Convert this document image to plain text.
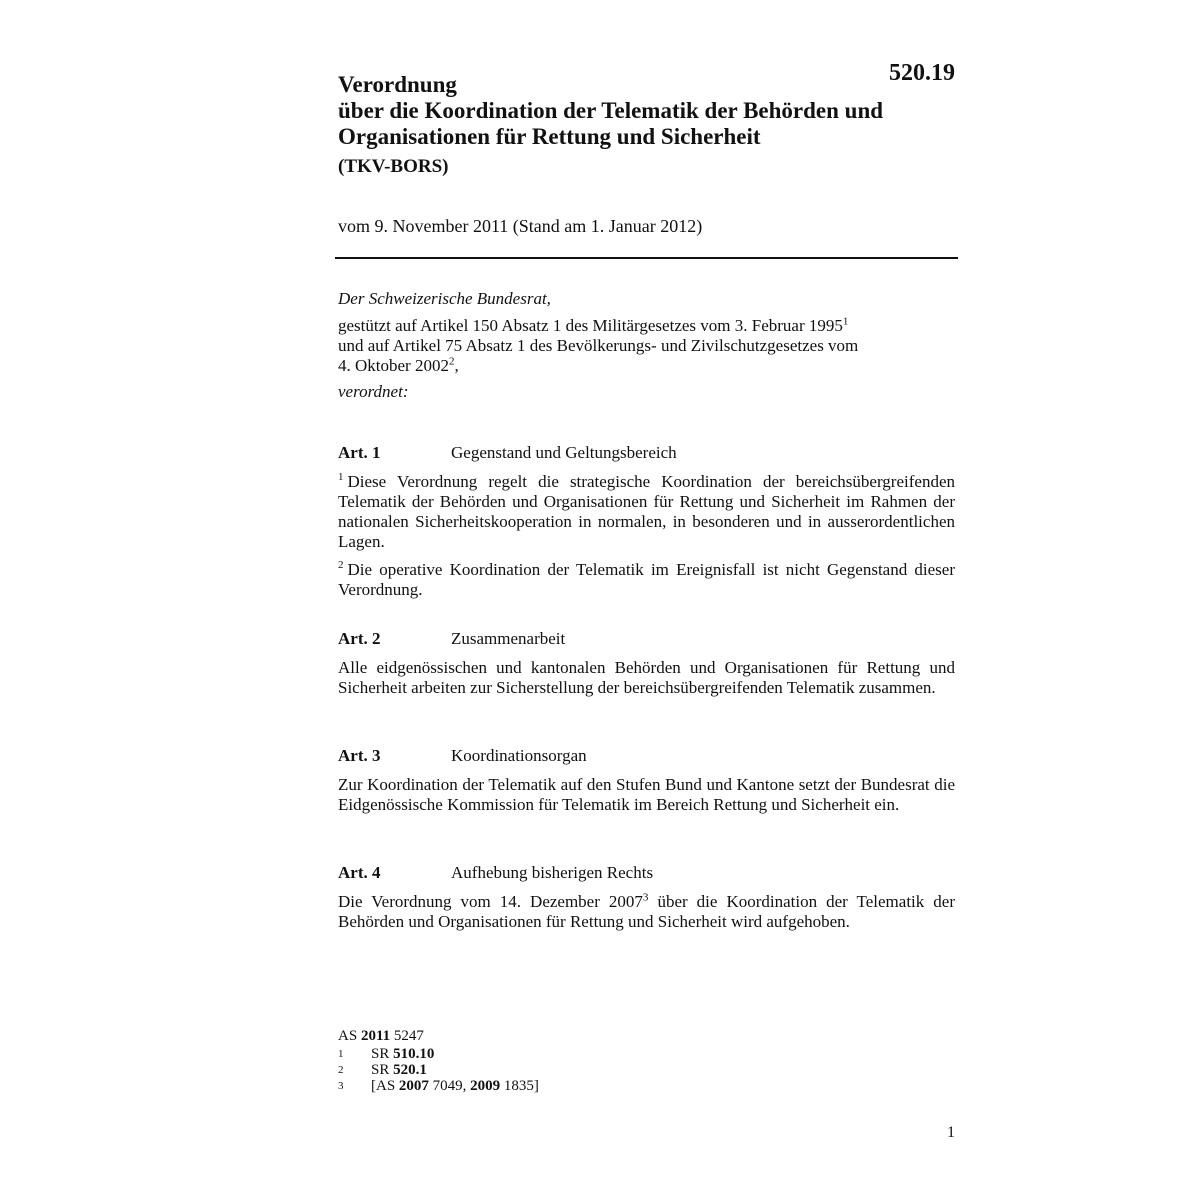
520.19
Verordnung
über die Koordination der Telematik der Behörden und
Organisationen für Rettung und Sicherheit
(TKV-BORS)
vom 9. November 2011 (Stand am 1. Januar 2012)
Der Schweizerische Bundesrat,
gestützt auf Artikel 150 Absatz 1 des Militärgesetzes vom 3. Februar 1995$^1$
und auf Artikel 75 Absatz 1 des Bevölkerungs- und Zivilschutzgesetzes vom
4. Oktober 2002$^2$,
verordnet:
Art. 1	Gegenstand und Geltungsbereich
$^1$ Diese Verordnung regelt die strategische Koordination der bereichsübergreifenden Telematik der Behörden und Organisationen für Rettung und Sicherheit im Rahmen der nationalen Sicherheitskooperation in normalen, in besonderen und in ausserordentlichen Lagen.
$^2$ Die operative Koordination der Telematik im Ereignisfall ist nicht Gegenstand dieser Verordnung.
Art. 2	Zusammenarbeit
Alle eidgenössischen und kantonalen Behörden und Organisationen für Rettung und Sicherheit arbeiten zur Sicherstellung der bereichsübergreifenden Telematik zusammen.
Art. 3	Koordinationsorgan
Zur Koordination der Telematik auf den Stufen Bund und Kantone setzt der Bundesrat die Eidgenössische Kommission für Telematik im Bereich Rettung und Sicherheit ein.
Art. 4	Aufhebung bisherigen Rechts
Die Verordnung vom 14. Dezember 2007$^3$ über die Koordination der Telematik der Behörden und Organisationen für Rettung und Sicherheit wird aufgehoben.
AS 2011 5247
1	SR 510.10
2	SR 520.1
3	[AS 2007 7049, 2009 1835]
1
